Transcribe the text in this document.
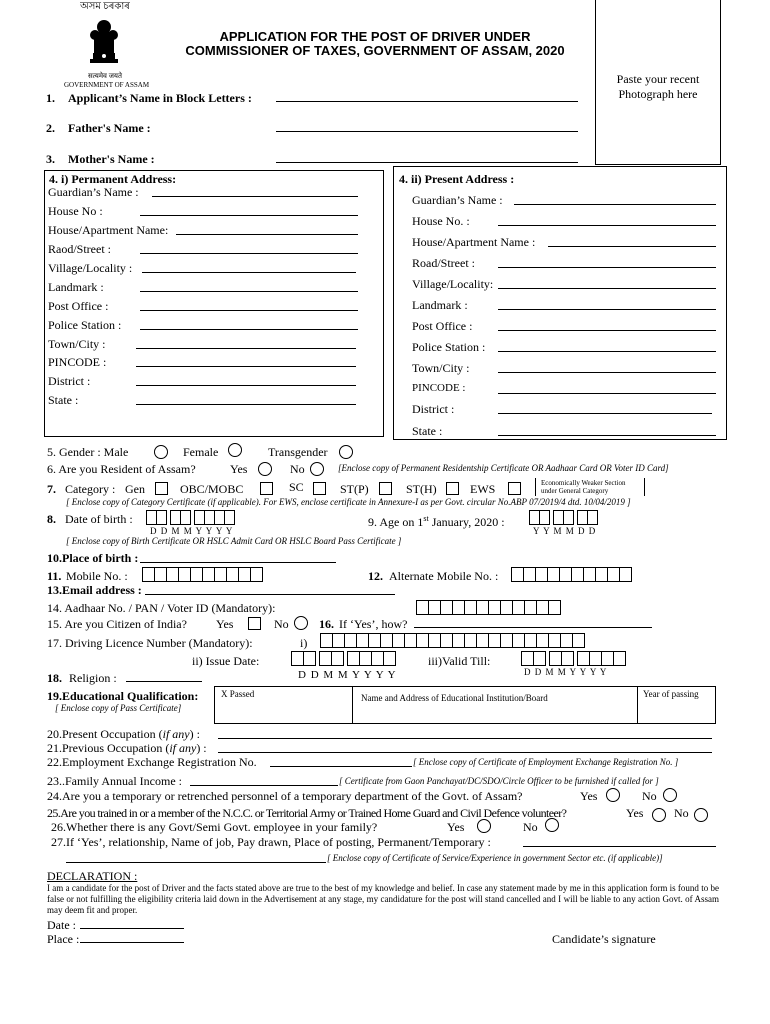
অসম চৰকাৰ
सत्यमेव जयते
GOVERNMENT OF ASSAM
APPLICATION FOR THE POST OF DRIVER UNDER
COMMISSIONER OF TAXES, GOVERNMENT OF ASSAM, 2020
Paste your recent
Photograph here
1. Applicant’s Name in Block Letters :
2. Father's Name :
3. Mother's Name :
4. i) Permanent Address:
Guardian’s Name :
House No :
House/Apartment Name:
Raod/Street :
Village/Locality :
Landmark :
Post Office :
Police Station :
Town/City :
PINCODE :
District :
State :
4. ii) Present Address :
Guardian’s Name :
House No. :
House/Apartment Name :
Road/Street :
Village/Locality:
Landmark :
Post Office :
Police Station :
Town/City :
PINCODE :
District :
State :
5. Gender : Male	Female	Transgender
6. Are you Resident of Assam?	Yes	No	[Enclose copy of Permanent Residentship Certificate OR Aadhaar Card OR Voter ID Card]
7. Category : Gen	OBC/MOBC	SC	ST(P)	ST(H)	EWS	Economically Weaker Section
under General Category
[ Enclose copy of Category Certificate (if applicable). For EWS, enclose certificate in Annexure-I as per Govt. circular No.ABP 07/2019/4 dtd. 10/04/2019 ]
8. Date of birth :
D D M M Y Y Y Y
[ Enclose copy of Birth Certificate OR HSLC Admit Card OR HSLC Board Pass Certificate ]
9. Age on 1st January, 2020 :
Y Y M M D D
10.Place of birth :
11. Mobile No. :	12. Alternate Mobile No. :
13.Email address :
14. Aadhaar No. / PAN / Voter ID (Mandatory):
15. Are you Citizen of India? Yes	No	16. If ‘Yes’, how?
17. Driving Licence Number (Mandatory):	i)
ii) Issue Date:
D D M M Y Y Y Y
iii)Valid Till:
D D M M Y Y Y Y
18. Religion :
19.Educational Qualification:
[ Enclose copy of Pass Certificate]
X Passed	Name and Address of Educational Institution/Board	Year of passing
20.Present Occupation (if any) :
21.Previous Occupation (if any) :
22.Employment Exchange Registration No.	[ Enclose copy of Certificate of Employment Exchange Registration No. ]
23..Family Annual Income :	[ Certificate from Gaon Panchayat/DC/SDO/Circle Officer to be furnished if called for ]
24.Are you a temporary or retrenched personnel of a temporary department of the Govt. of Assam?	Yes	No
25.Are you trained in or a member of the N.C.C. or Territorial Army or Trained Home Guard and Civil Defence volunteer?	Yes	No
26.Whether there is any Govt/Semi Govt. employee in your family?	Yes	No
27.If ‘Yes’, relationship, Name of job, Pay drawn, Place of posting, Permanent/Temporary :
[ Enclose copy of Certificate of Service/Experience in government Sector etc. (if applicable)]
DECLARATION :
I am a candidate for the post of Driver and the facts stated above are true to the best of my knowledge and belief. In case any statement made by me in this application form is found to be false or not fulfilling the eligibility criteria laid down in the Advertisement at any stage, my candidature for the post will stand cancelled and I will be liable to any action Govt. of Assam may deem fit and proper.
Date :
Place :	Candidate’s signature
